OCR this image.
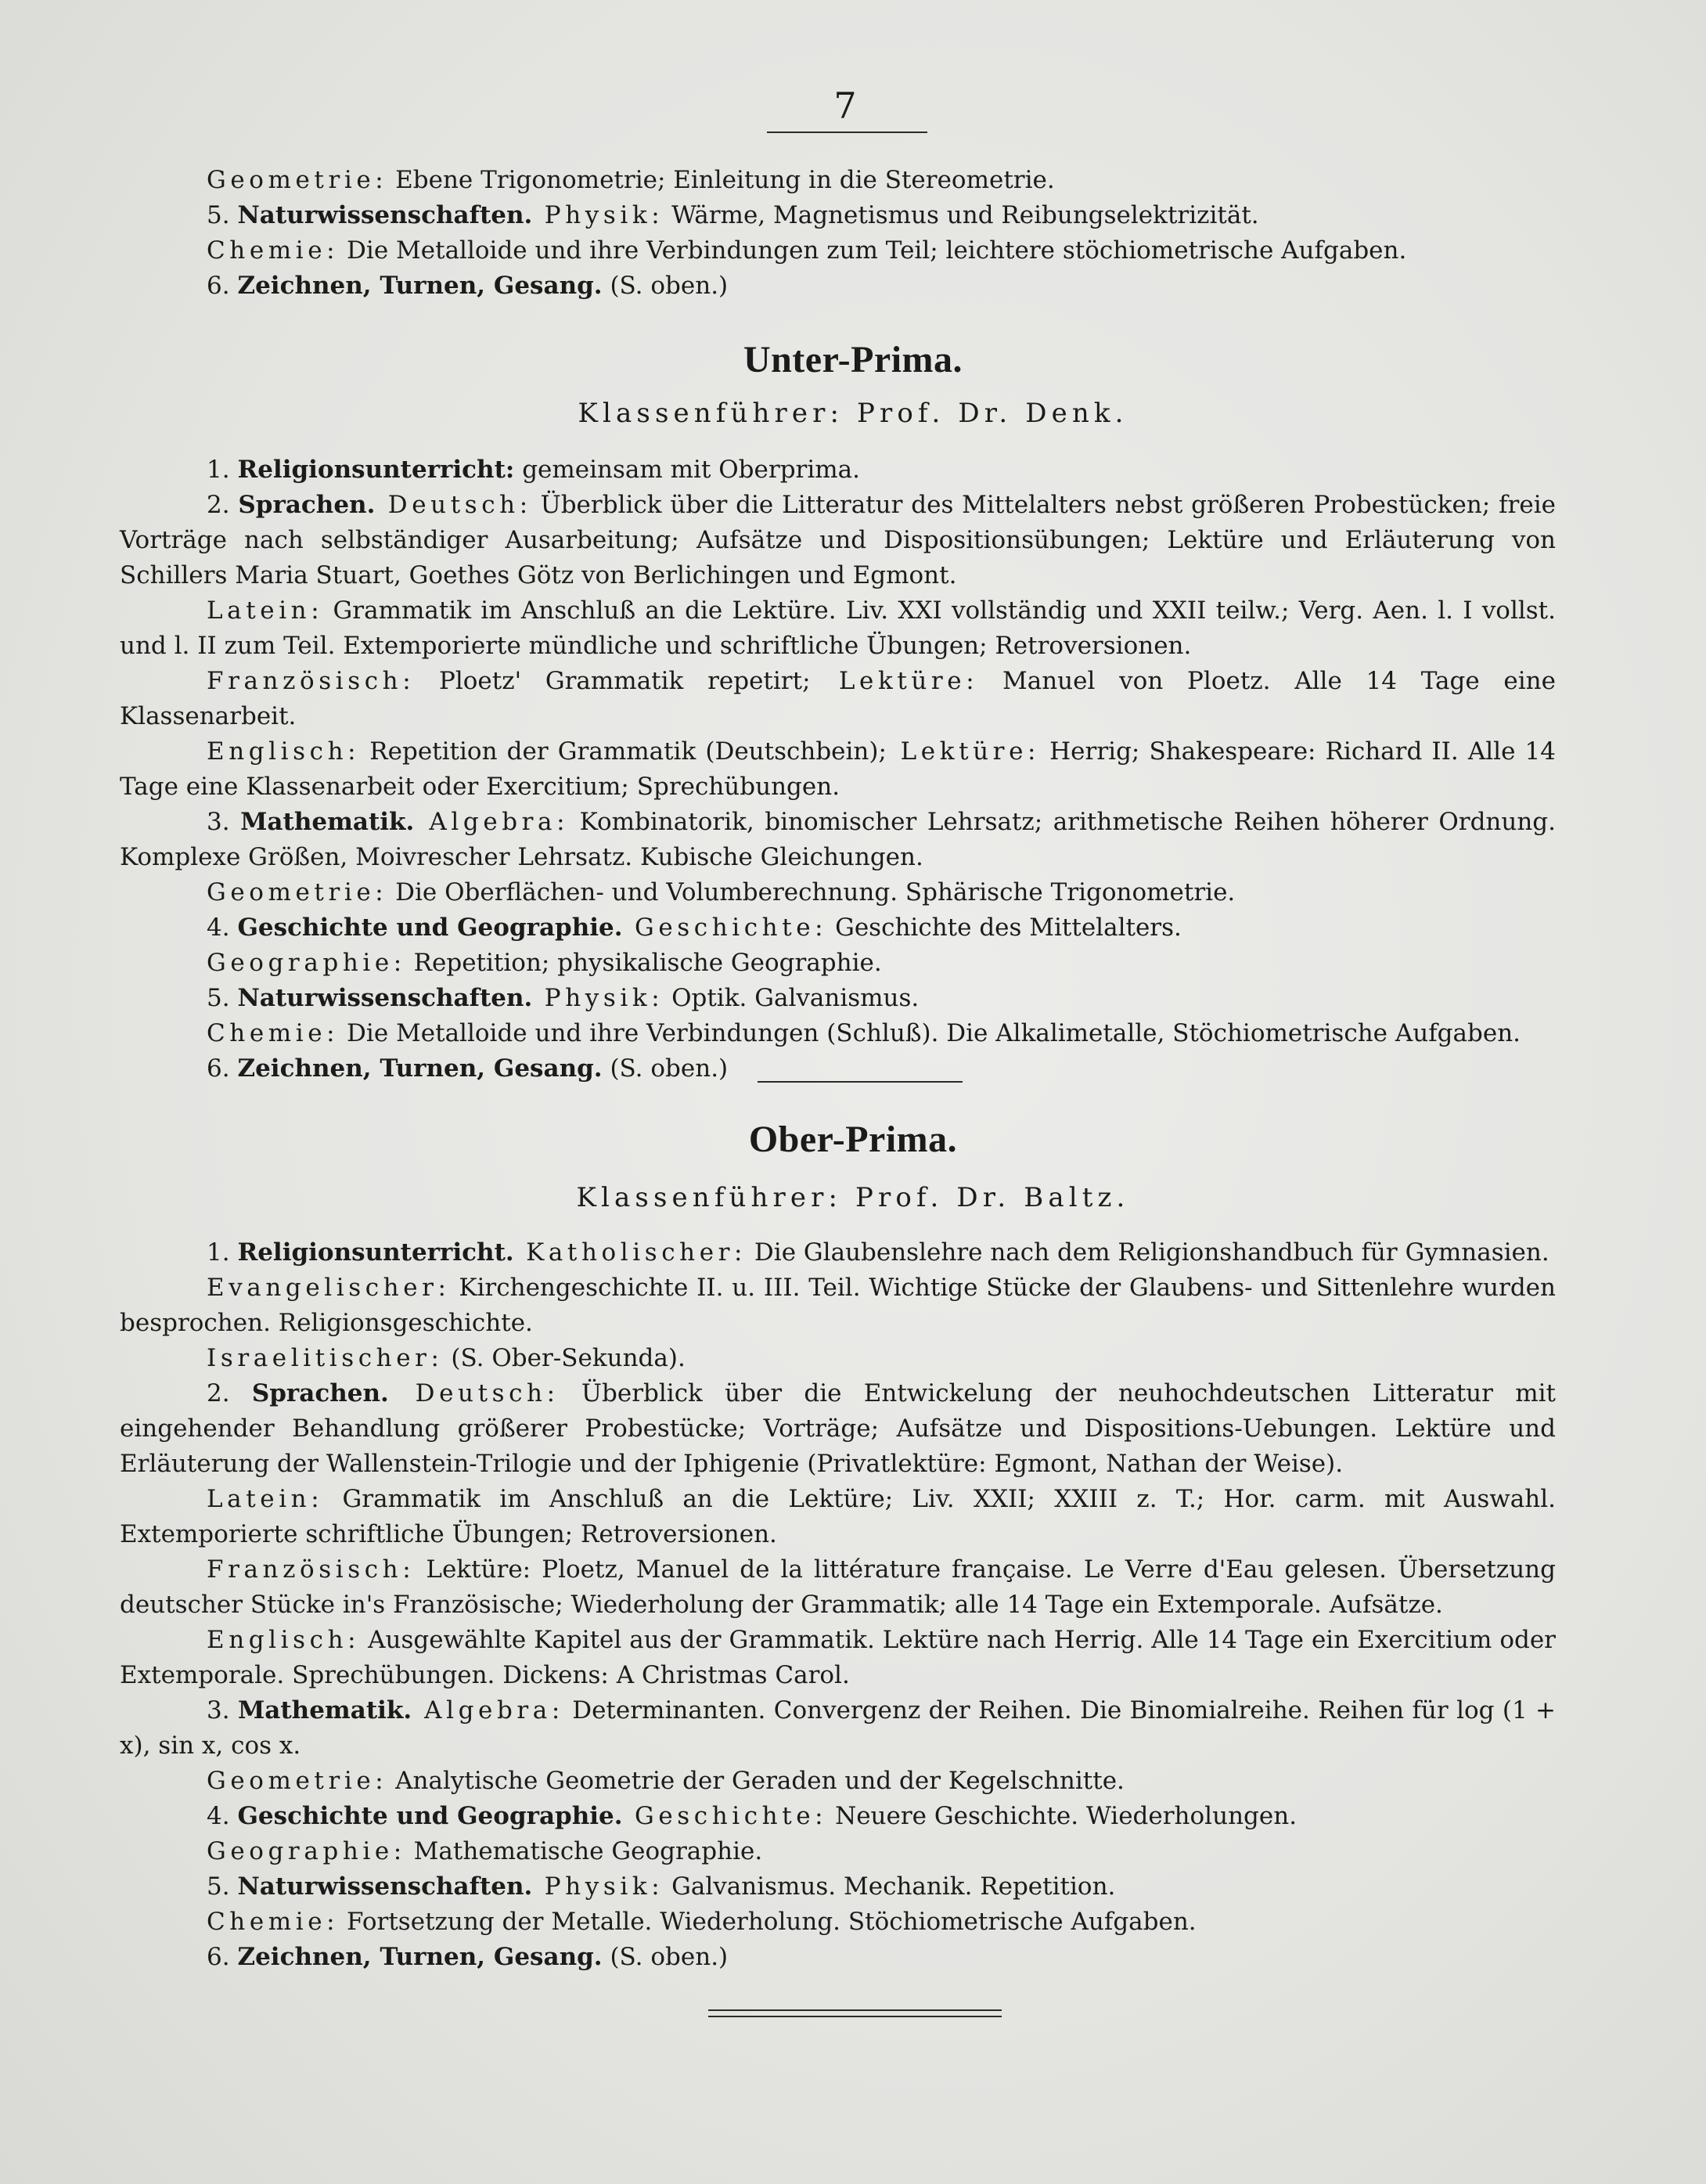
7

Geometrie: Ebene Trigonometrie; Einleitung in die Stereometrie.

5. Naturwissenschaften. Physik: Wärme, Magnetismus und Reibungselektrizität.

Chemie: Die Metalloide und ihre Verbindungen zum Teil; leichtere stöchiometrische Aufgaben.

6. Zeichnen, Turnen, Gesang. (S. oben.)

Unter-Prima.
Klassenführer: Prof. Dr. Denk.

1. Religionsunterricht: gemeinsam mit Oberprima.

2. Sprachen. Deutsch: Überblick über die Litteratur des Mittelalters nebst größeren Probestücken; freie Vorträge nach selbständiger Ausarbeitung; Aufsätze und Dispositionsübungen; Lektüre und Erläuterung von Schillers Maria Stuart, Goethes Götz von Berlichingen und Egmont.

Latein: Grammatik im Anschluß an die Lektüre. Liv. XXI vollständig und XXII teilw.; Verg. Aen. l. I vollst. und l. II zum Teil. Extemporierte mündliche und schriftliche Übungen; Retroversionen.

Französisch: Ploetz' Grammatik repetirt; Lektüre: Manuel von Ploetz. Alle 14 Tage eine Klassenarbeit.

Englisch: Repetition der Grammatik (Deutschbein); Lektüre: Herrig; Shakespeare: Richard II. Alle 14 Tage eine Klassenarbeit oder Exercitium; Sprechübungen.

3. Mathematik. Algebra: Kombinatorik, binomischer Lehrsatz; arithmetische Reihen höherer Ordnung. Komplexe Größen, Moivrescher Lehrsatz. Kubische Gleichungen.

Geometrie: Die Oberflächen- und Volumberechnung. Sphärische Trigonometrie.

4. Geschichte und Geographie. Geschichte: Geschichte des Mittelalters.

Geographie: Repetition; physikalische Geographie.

5. Naturwissenschaften. Physik: Optik. Galvanismus.

Chemie: Die Metalloide und ihre Verbindungen (Schluß). Die Alkalimetalle, Stöchiometrische Aufgaben.

6. Zeichnen, Turnen, Gesang. (S. oben.)

Ober-Prima.
Klassenführer: Prof. Dr. Baltz.

1. Religionsunterricht. Katholischer: Die Glaubenslehre nach dem Religionshandbuch für Gymnasien.

Evangelischer: Kirchengeschichte II. u. III. Teil. Wichtige Stücke der Glaubens- und Sittenlehre wurden besprochen. Religionsgeschichte.

Israelitischer: (S. Ober-Sekunda).

2. Sprachen. Deutsch: Überblick über die Entwickelung der neuhochdeutschen Litteratur mit eingehender Behandlung größerer Probestücke; Vorträge; Aufsätze und Dispositions-Uebungen. Lektüre und Erläuterung der Wallenstein-Trilogie und der Iphigenie (Privatlektüre: Egmont, Nathan der Weise).

Latein: Grammatik im Anschluß an die Lektüre; Liv. XXII; XXIII z. T.; Hor. carm. mit Auswahl. Extemporierte schriftliche Übungen; Retroversionen.

Französisch: Lektüre: Ploetz, Manuel de la littérature française. Le Verre d'Eau gelesen. Übersetzung deutscher Stücke in's Französische; Wiederholung der Grammatik; alle 14 Tage ein Extemporale. Aufsätze.

Englisch: Ausgewählte Kapitel aus der Grammatik. Lektüre nach Herrig. Alle 14 Tage ein Exercitium oder Extemporale. Sprechübungen. Dickens: A Christmas Carol.

3. Mathematik. Algebra: Determinanten. Convergenz der Reihen. Die Binomialreihe. Reihen für log (1 + x), sin x, cos x.

Geometrie: Analytische Geometrie der Geraden und der Kegelschnitte.

4. Geschichte und Geographie. Geschichte: Neuere Geschichte. Wiederholungen.

Geographie: Mathematische Geographie.

5. Naturwissenschaften. Physik: Galvanismus. Mechanik. Repetition.

Chemie: Fortsetzung der Metalle. Wiederholung. Stöchiometrische Aufgaben.

6. Zeichnen, Turnen, Gesang. (S. oben.)
